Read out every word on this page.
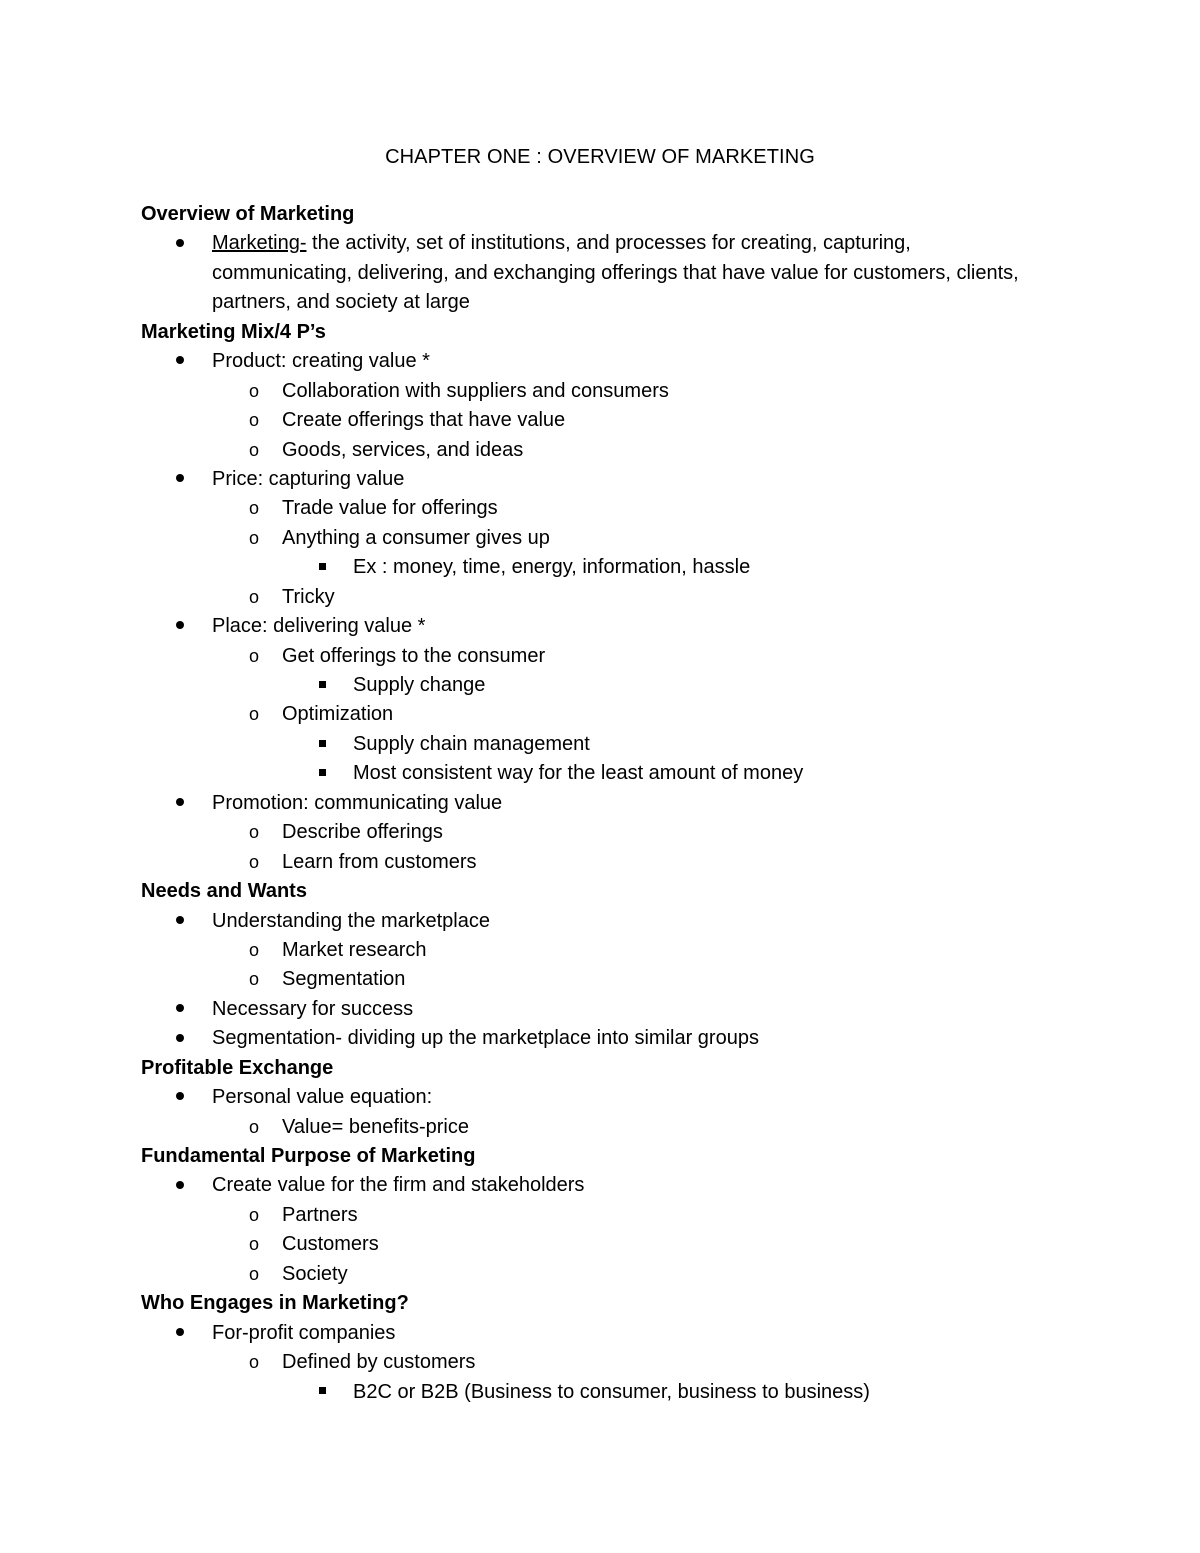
CHAPTER ONE : OVERVIEW OF MARKETING
Overview of Marketing
Marketing- the activity, set of institutions, and processes for creating, capturing, communicating, delivering, and exchanging offerings that have value for customers, clients, partners, and society at large
Marketing Mix/4 P’s
Product: creating value *
o Collaboration with suppliers and consumers
o Create offerings that have value
o Goods, services, and ideas
Price: capturing value
o Trade value for offerings
o Anything a consumer gives up
Ex : money, time, energy, information, hassle
o Tricky
Place: delivering value *
o Get offerings to the consumer
Supply change
o Optimization
Supply chain management
Most consistent way for the least amount of money
Promotion: communicating value
o Describe offerings
o Learn from customers
Needs and Wants
Understanding the marketplace
o Market research
o Segmentation
Necessary for success
Segmentation- dividing up the marketplace into similar groups
Profitable Exchange
Personal value equation:
o Value= benefits-price
Fundamental Purpose of Marketing
Create value for the firm and stakeholders
o Partners
o Customers
o Society
Who Engages in Marketing?
For-profit companies
o Defined by customers
B2C or B2B (Business to consumer, business to business)
